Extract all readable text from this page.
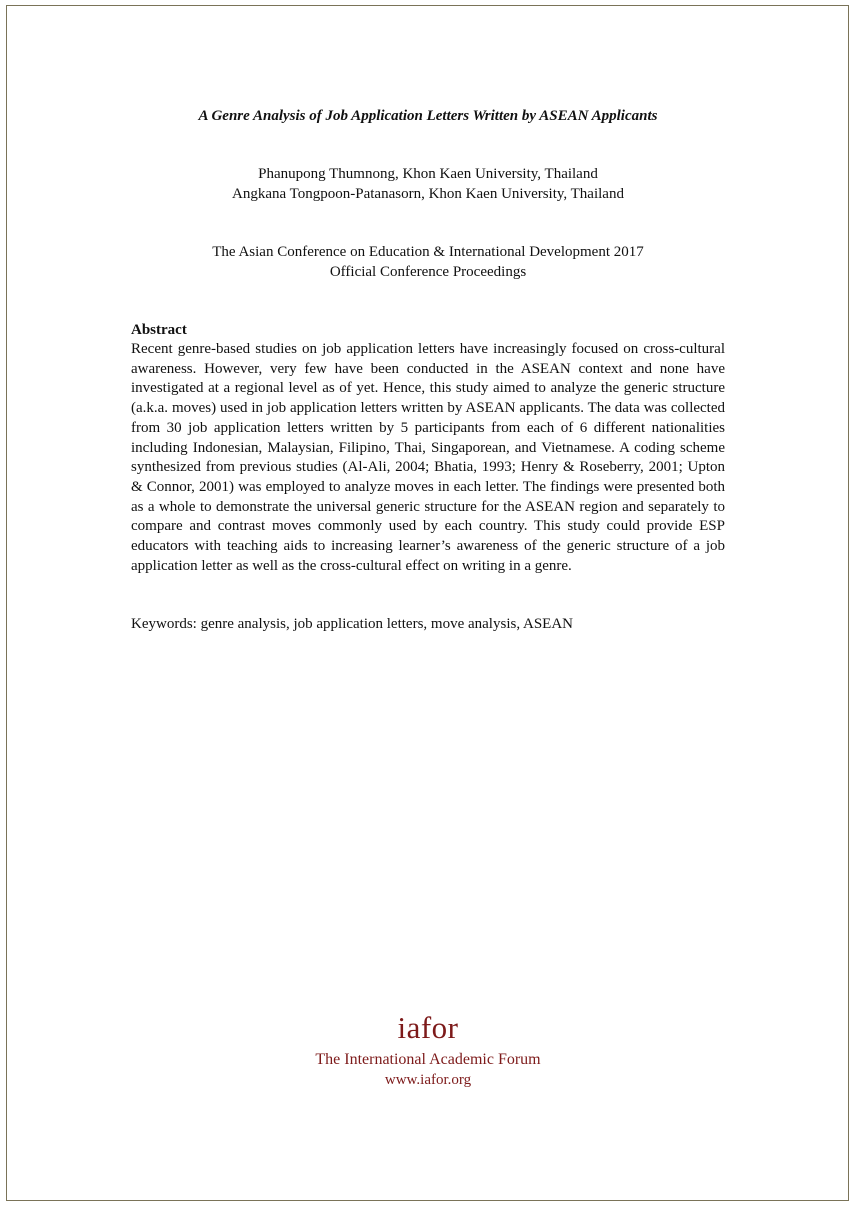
A Genre Analysis of Job Application Letters Written by ASEAN Applicants

Phanupong Thumnong, Khon Kaen University, Thailand
Angkana Tongpoon-Patanasorn, Khon Kaen University, Thailand
The Asian Conference on Education & International Development 2017
Official Conference Proceedings
Abstract

Recent genre-based studies on job application letters have increasingly focused on cross-cultural awareness. However, very few have been conducted in the ASEAN context and none have investigated at a regional level as of yet. Hence, this study aimed to analyze the generic structure (a.k.a. moves) used in job application letters written by ASEAN applicants. The data was collected from 30 job application letters written by 5 participants from each of 6 different nationalities including Indonesian, Malaysian, Filipino, Thai, Singaporean, and Vietnamese. A coding scheme synthesized from previous studies (Al-Ali, 2004; Bhatia, 1993; Henry & Roseberry, 2001; Upton & Connor, 2001) was employed to analyze moves in each letter. The findings were presented both as a whole to demonstrate the universal generic structure for the ASEAN region and separately to compare and contrast moves commonly used by each country. This study could provide ESP educators with teaching aids to increasing learner’s awareness of the generic structure of a job application letter as well as the cross-cultural effect on writing in a genre.

Keywords: genre analysis, job application letters, move analysis, ASEAN
iafor
The International Academic Forum
www.iafor.org
